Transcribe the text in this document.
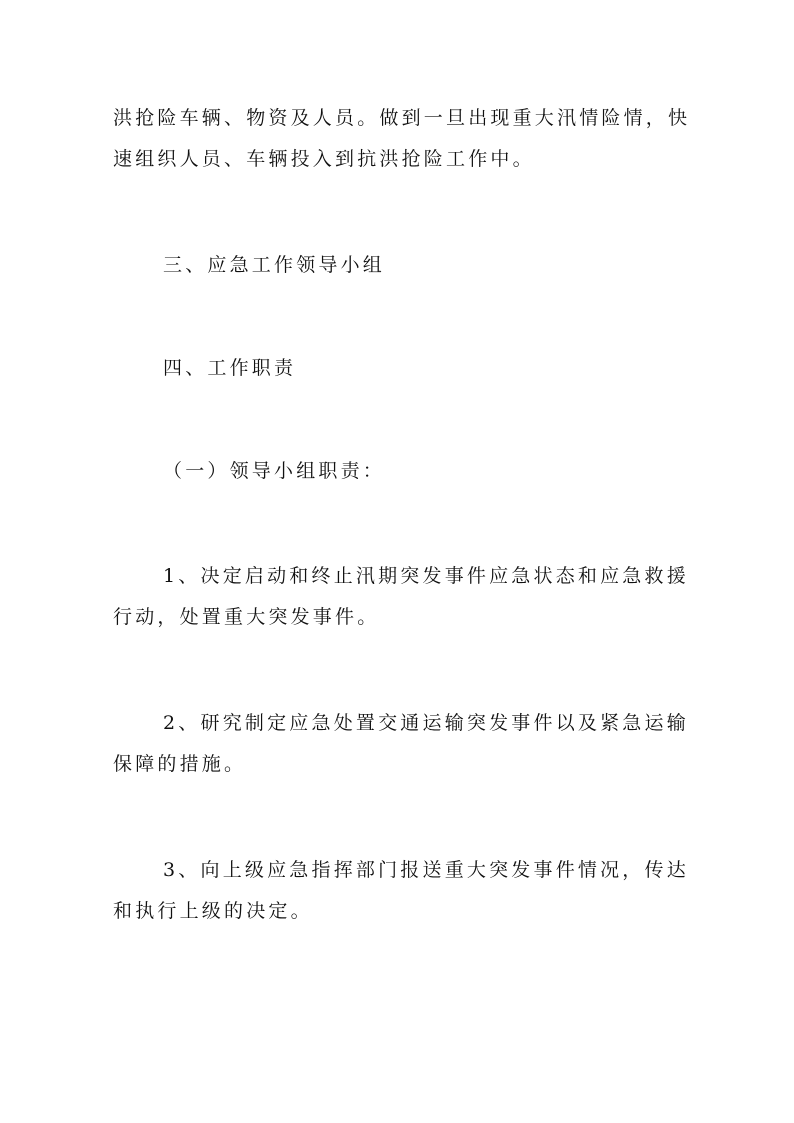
洪抢险车辆、物资及人员。做到一旦出现重大汛情险情，快
速组织人员、车辆投入到抗洪抢险工作中。
三、应急工作领导小组
四、工作职责
（一）领导小组职责：
1、决定启动和终止汛期突发事件应急状态和应急救援
行动，处置重大突发事件。
2、研究制定应急处置交通运输突发事件以及紧急运输
保障的措施。
3、向上级应急指挥部门报送重大突发事件情况，传达
和执行上级的决定。
